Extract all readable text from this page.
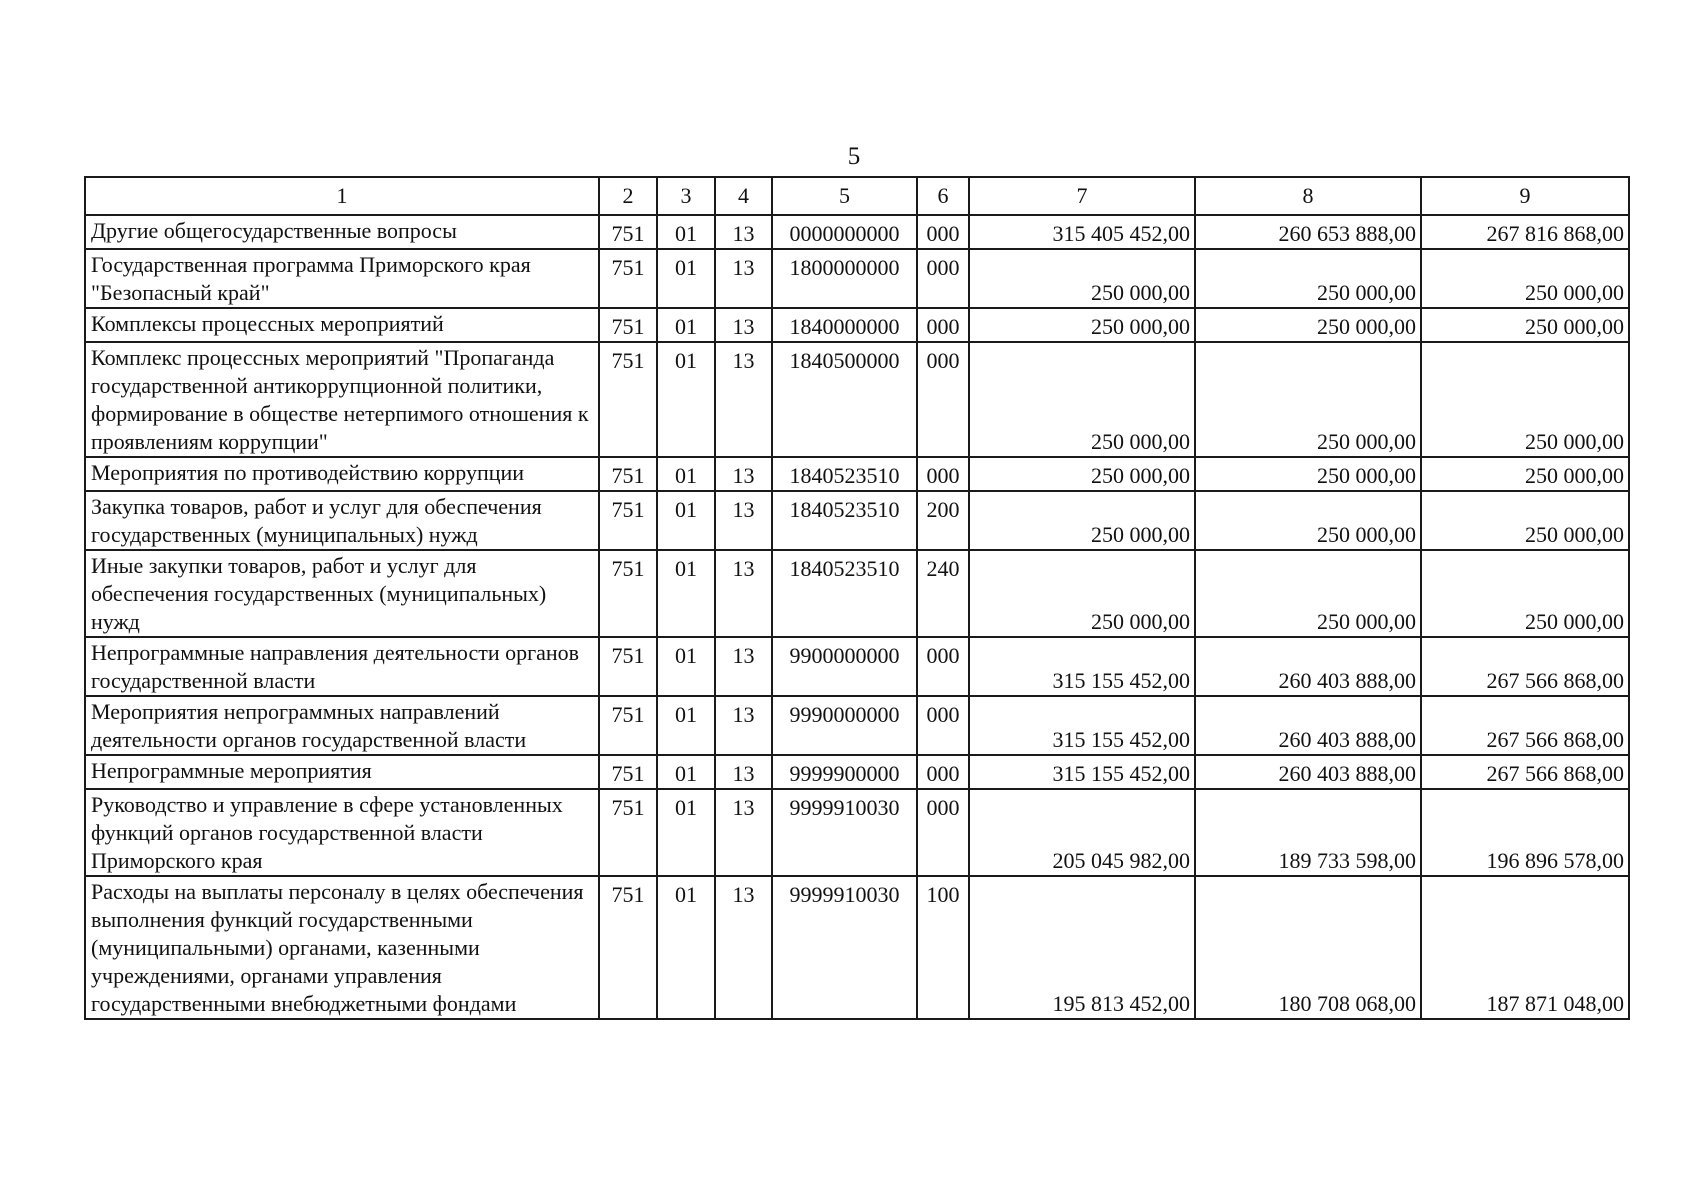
5
1	2	3	4	5	6	7	8	9

Другие общегосударственные вопросы	751	01	13	0000000000	000	315 405 452,00	260 653 888,00	267 816 868,00

Государственная программа Приморского края "Безопасный край"	751	01	13	1800000000	000	250 000,00	250 000,00	250 000,00

Комплексы процессных мероприятий	751	01	13	1840000000	000	250 000,00	250 000,00	250 000,00

Комплекс процессных мероприятий "Пропаганда государственной антикоррупционной политики, формирование в обществе нетерпимого отношения к проявлениям коррупции"	751	01	13	1840500000	000	250 000,00	250 000,00	250 000,00

Мероприятия по противодействию коррупции	751	01	13	1840523510	000	250 000,00	250 000,00	250 000,00

Закупка товаров, работ и услуг для обеспечения государственных (муниципальных) нужд	751	01	13	1840523510	200	250 000,00	250 000,00	250 000,00

Иные закупки товаров, работ и услуг для обеспечения государственных (муниципальных) нужд	751	01	13	1840523510	240	250 000,00	250 000,00	250 000,00

Непрограммные направления деятельности органов государственной власти	751	01	13	9900000000	000	315 155 452,00	260 403 888,00	267 566 868,00

Мероприятия непрограммных направлений деятельности органов государственной власти	751	01	13	9990000000	000	315 155 452,00	260 403 888,00	267 566 868,00

Непрограммные мероприятия	751	01	13	9999900000	000	315 155 452,00	260 403 888,00	267 566 868,00

Руководство и управление в сфере установленных функций органов государственной власти Приморского края	751	01	13	9999910030	000	205 045 982,00	189 733 598,00	196 896 578,00

Расходы на выплаты персоналу в целях обеспечения выполнения функций государственными (муниципальными) органами, казенными учреждениями, органами управления государственными внебюджетными фондами	751	01	13	9999910030	100	195 813 452,00	180 708 068,00	187 871 048,00
